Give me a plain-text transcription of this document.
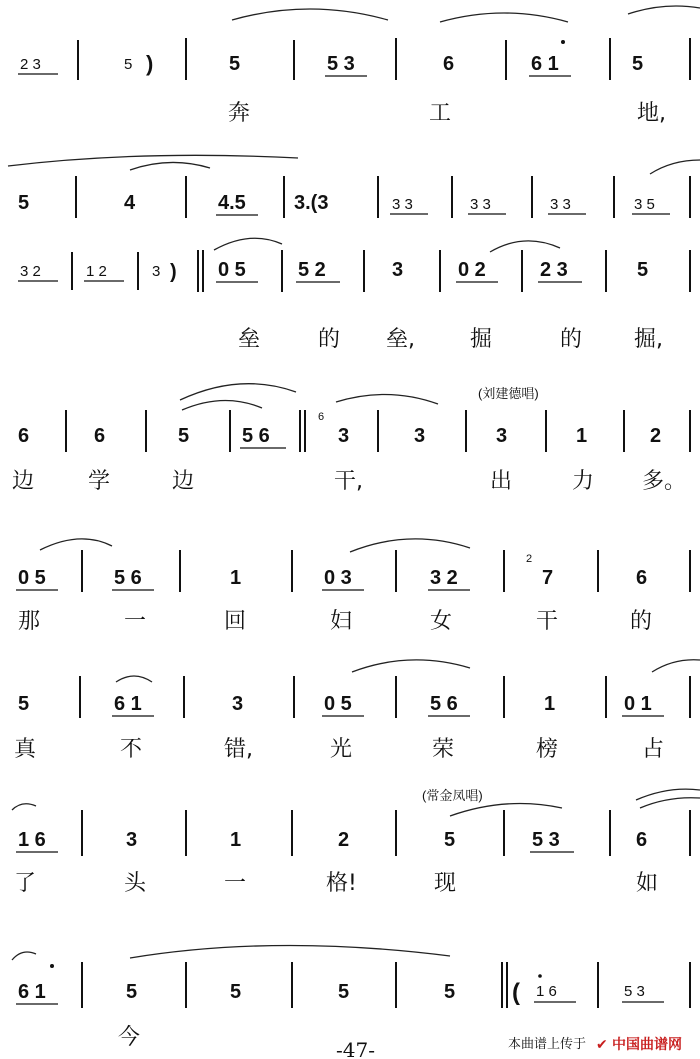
2 3	5 )	5	5 3	6	6 1	5
奔	工	地,
5	4	4.5 3.(3	3 3	3 3	3 3	3 5
3 2	1 2	3 ) 0 5	5 2	3	0 2	2 3	5
垒	的 垒,	掘	的 掘,
(刘建德唱)
6	6	5	5 6
6
3	3	3	1	2
边 学	边	干,	出	力 多。
0 5	5 6	1	0 3	3 2
2
7	6
那	一	回	妇	女	干	的
5	6 1	3	0 5	5 6	1	0 1
真	不	错,	光	荣	榜	占
(常金凤唱)
1 6	3	1	2	5	5 3	6
了	头	一	格!	现	如
6 1	5	5	5	5 ( 1 6	5 3
今	-47-	本曲谱上传于 ✔ 中国曲谱网
